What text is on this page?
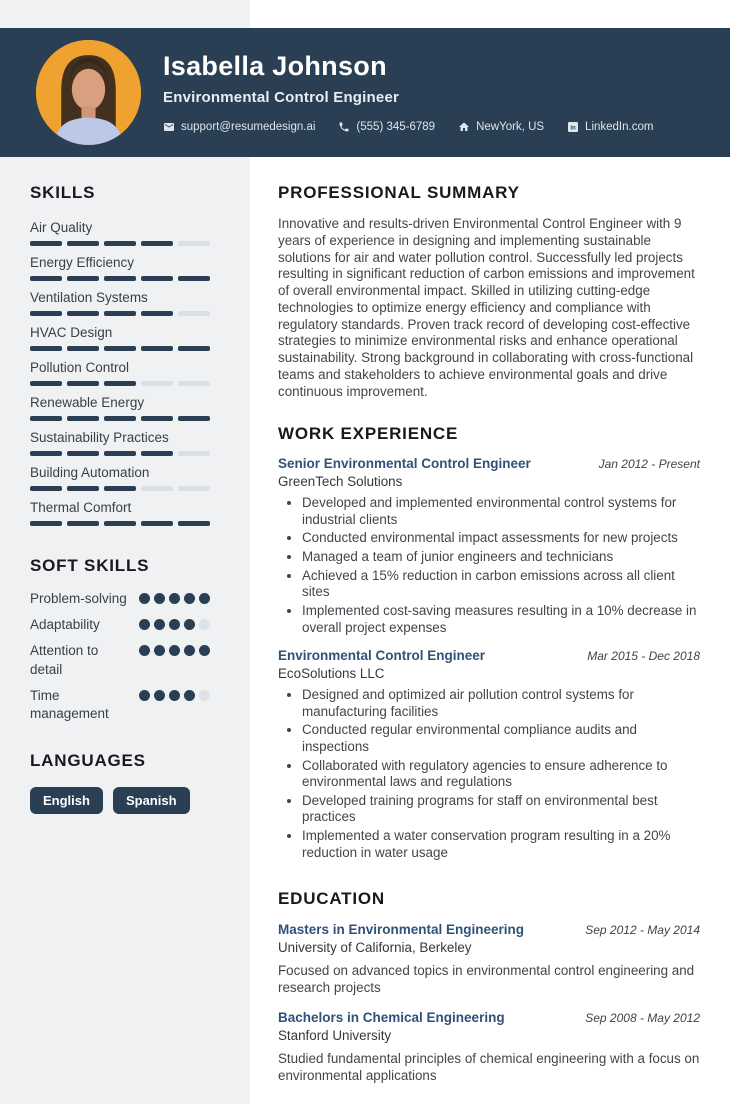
Isabella Johnson
Environmental Control Engineer
support@resumedesign.ai	(555) 345-6789	NewYork, US in LinkedIn.com
SKILLS
Air Quality
Energy Efficiency
Ventilation Systems
HVAC Design
Pollution Control
Renewable Energy
Sustainability Practices
Building Automation
Thermal Comfort
SOFT SKILLS
Problem-solving
Adaptability
Attention to detail
Time management
LANGUAGES
English	Spanish
PROFESSIONAL SUMMARY

Innovative and results-driven Environmental Control Engineer with 9 years of experience in designing and implementing sustainable solutions for air and water pollution control. Successfully led projects resulting in significant reduction of carbon emissions and improvement of overall environmental impact. Skilled in utilizing cutting-edge technologies to optimize energy efficiency and compliance with regulatory standards. Proven track record of developing cost-effective strategies to minimize environmental risks and enhance operational sustainability. Strong background in collaborating with cross-functional teams and stakeholders to achieve environmental goals and drive continuous improvement.

WORK EXPERIENCE
Senior Environmental Control Engineer	Jan 2012 - Present
GreenTech Solutions
• Developed and implemented environmental control systems for industrial clients
• Conducted environmental impact assessments for new projects
• Managed a team of junior engineers and technicians
• Achieved a 15% reduction in carbon emissions across all client sites
• Implemented cost-saving measures resulting in a 10% decrease in overall project expenses
Environmental Control Engineer	Mar 2015 - Dec 2018
EcoSolutions LLC
• Designed and optimized air pollution control systems for manufacturing facilities
• Conducted regular environmental compliance audits and inspections
• Collaborated with regulatory agencies to ensure adherence to environmental laws and regulations
• Developed training programs for staff on environmental best practices
• Implemented a water conservation program resulting in a 20% reduction in water usage
EDUCATION
Masters in Environmental Engineering	Sep 2012 - May 2014
University of California, Berkeley

Focused on advanced topics in environmental control engineering and research projects

Bachelors in Chemical Engineering	Sep 2008 - May 2012
Stanford University

Studied fundamental principles of chemical engineering with a focus on environmental applications
